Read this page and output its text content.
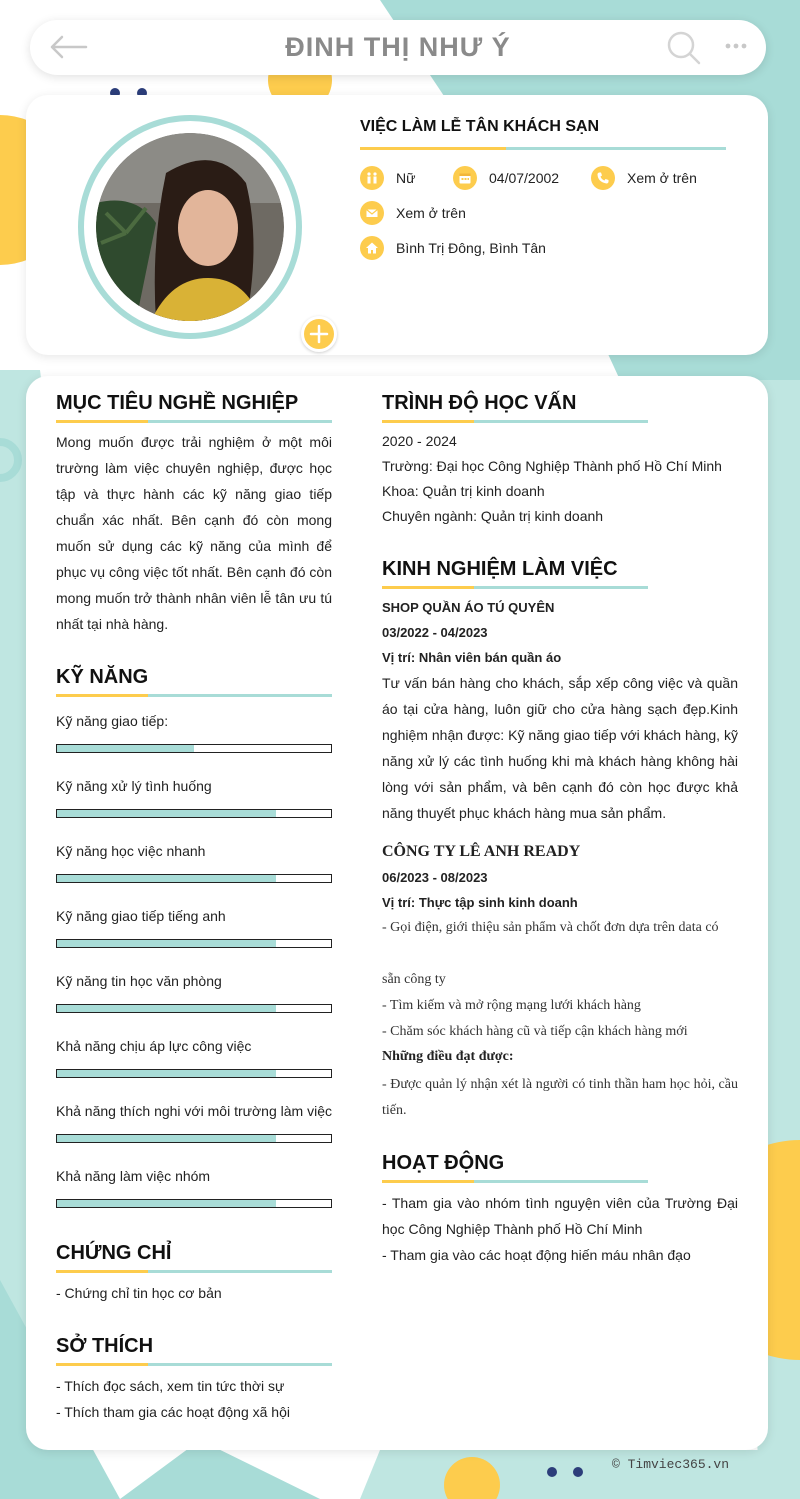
ĐINH THỊ NHƯ Ý
VIỆC LÀM LỄ TÂN KHÁCH SẠN
Nữ	04/07/2002	Xem ở trên
Xem ở trên
Bình Trị Đông, Bình Tân
MỤC TIÊU NGHỀ NGHIỆP
Mong muốn được trải nghiệm ở một môi trường làm việc chuyên nghiệp, được học tập và thực hành các kỹ năng giao tiếp chuẩn xác nhất. Bên cạnh đó còn mong muốn sử dụng các kỹ năng của mình để phục vụ công việc tốt nhất. Bên cạnh đó còn mong muốn trở thành nhân viên lễ tân ưu tú nhất tại nhà hàng.
KỸ NĂNG
Kỹ năng giao tiếp:
Kỹ năng xử lý tình huống
Kỹ năng học việc nhanh
Kỹ năng giao tiếp tiếng anh
Kỹ năng tin học văn phòng
Khả năng chịu áp lực công việc
Khả năng thích nghi với môi trường làm việc
Khả năng làm việc nhóm
CHỨNG CHỈ
- Chứng chỉ tin học cơ bản
SỞ THÍCH
- Thích đọc sách, xem tin tức thời sự
- Thích tham gia các hoạt động xã hội
TRÌNH ĐỘ HỌC VẤN
2020 - 2024
Trường: Đại học Công Nghiệp Thành phố Hồ Chí Minh
Khoa: Quản trị kinh doanh
Chuyên ngành: Quản trị kinh doanh
KINH NGHIỆM LÀM VIỆC
SHOP QUẦN ÁO TÚ QUYÊN
03/2022 - 04/2023
Vị trí: Nhân viên bán quần áo
Tư vấn bán hàng cho khách, sắp xếp công việc và quần áo tại cửa hàng, luôn giữ cho cửa hàng sạch đẹp.Kinh nghiệm nhận được: Kỹ năng giao tiếp với khách hàng, kỹ năng xử lý các tình huống khi mà khách hàng không hài lòng với sản phẩm, và bên cạnh đó còn học được khả năng thuyết phục khách hàng mua sản phẩm.
CÔNG TY LÊ ANH READY
06/2023 - 08/2023
Vị trí: Thực tập sinh kinh doanh
- Gọi điện, giới thiệu sản phẩm và chốt đơn dựa trên data có
sẵn công ty
- Tìm kiếm và mở rộng mạng lưới khách hàng
- Chăm sóc khách hàng cũ và tiếp cận khách hàng mới
Những điều đạt được:
- Được quản lý nhận xét là người có tinh thần ham học hỏi, cầu tiến.
HOẠT ĐỘNG
- Tham gia vào nhóm tình nguyện viên của Trường Đại học Công Nghiệp Thành phố Hồ Chí Minh
- Tham gia vào các hoạt động hiến máu nhân đạo
© Timviec365.vn
